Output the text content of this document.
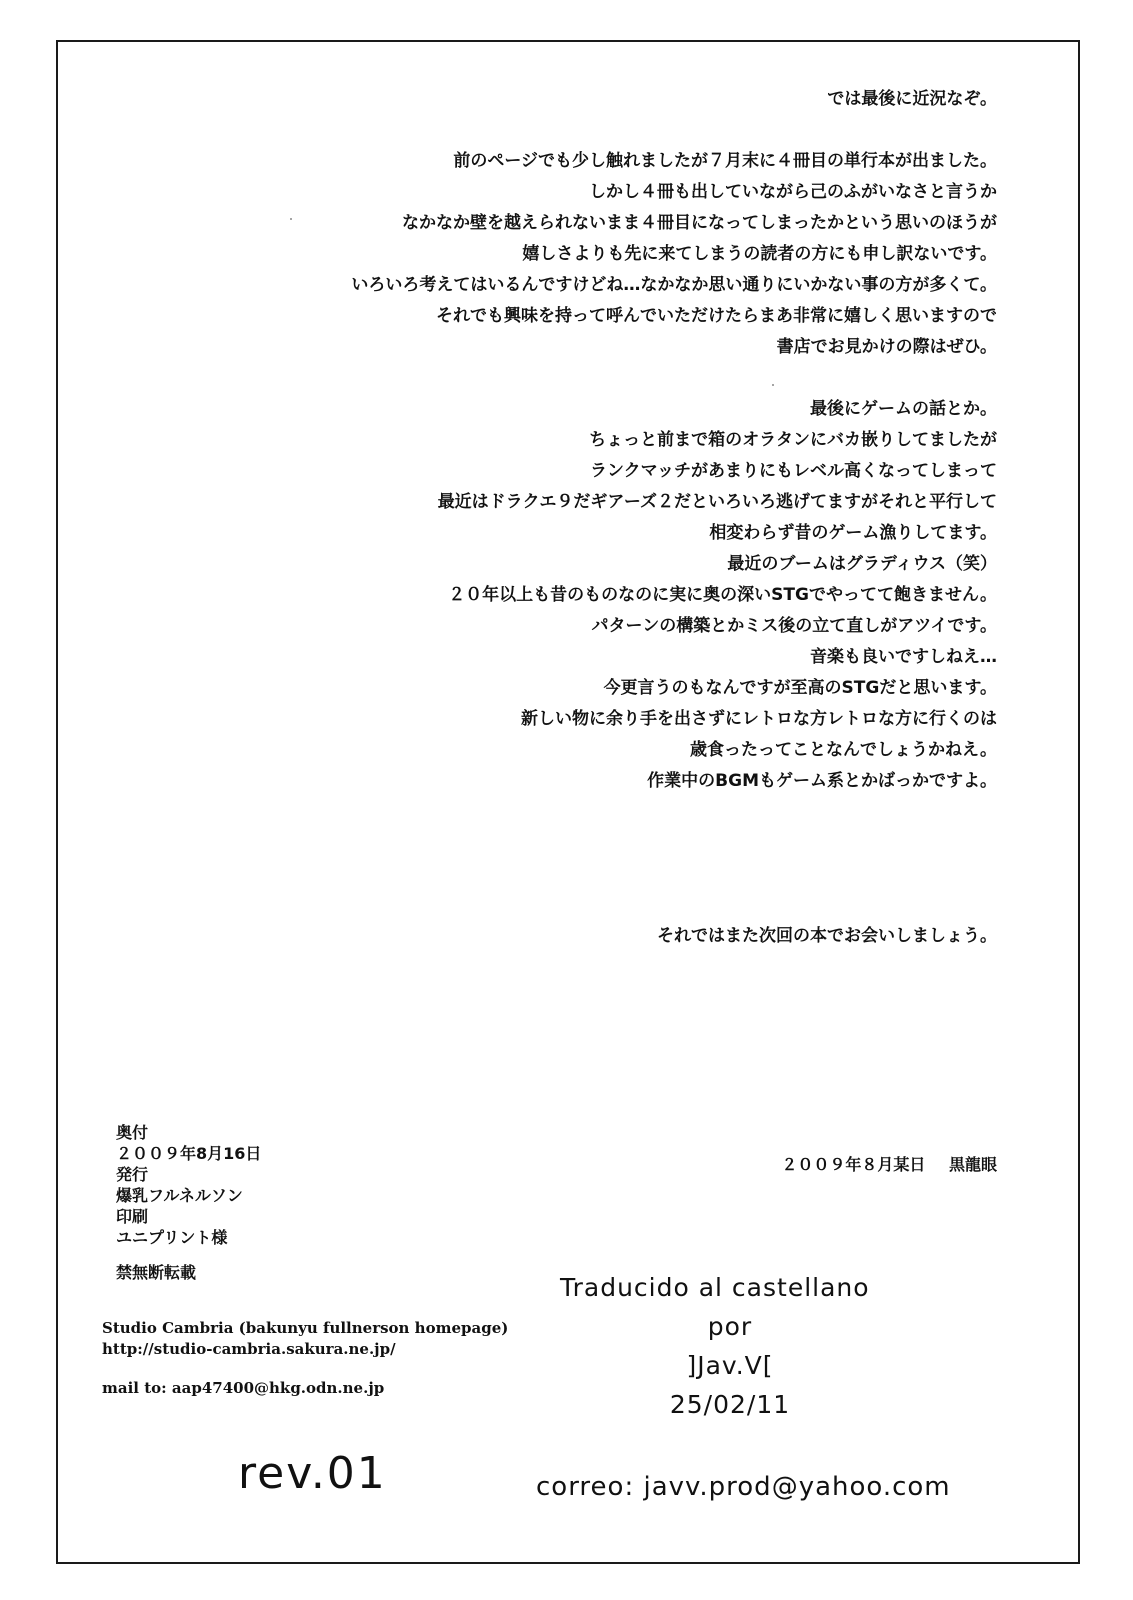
では最後に近況なぞ。
前のページでも少し触れましたが７月末に４冊目の単行本が出ました。
しかし４冊も出していながら己のふがいなさと言うか
なかなか壁を越えられないまま４冊目になってしまったかという思いのほうが
嬉しさよりも先に来てしまうの読者の方にも申し訳ないです。
いろいろ考えてはいるんですけどね…なかなか思い通りにいかない事の方が多くて。
それでも興味を持って呼んでいただけたらまあ非常に嬉しく思いますので
書店でお見かけの際はぜひ。
最後にゲームの話とか。
ちょっと前まで箱のオラタンにバカ嵌りしてましたが
ランクマッチがあまりにもレベル高くなってしまって
最近はドラクエ９だギアーズ２だといろいろ逃げてますがそれと平行して
相変わらず昔のゲーム漁りしてます。
最近のブームはグラディウス（笑）
２０年以上も昔のものなのに実に奥の深いSTGでやってて飽きません。
パターンの構築とかミス後の立て直しがアツイです。
音楽も良いですしねえ…
今更言うのもなんですが至高のSTGだと思います。
新しい物に余り手を出さずにレトロな方レトロな方に行くのは
歳食ったってことなんでしょうかねえ。
作業中のBGMもゲーム系とかばっかですよ。
それではまた次回の本でお会いしましょう。
奥付
２００９年8月16日
発行
爆乳フルネルソン
印刷
ユニプリント様
禁無断転載
２００９年８月某日 黒龍眼
Studio Cambria (bakunyu fullnerson homepage)
http://studio-cambria.sakura.ne.jp/
mail to: aap47400@hkg.odn.ne.jp
Traducido al castellano
por
]Jav.V[
25/02/11
rev.01	correo: javv.prod@yahoo.com
